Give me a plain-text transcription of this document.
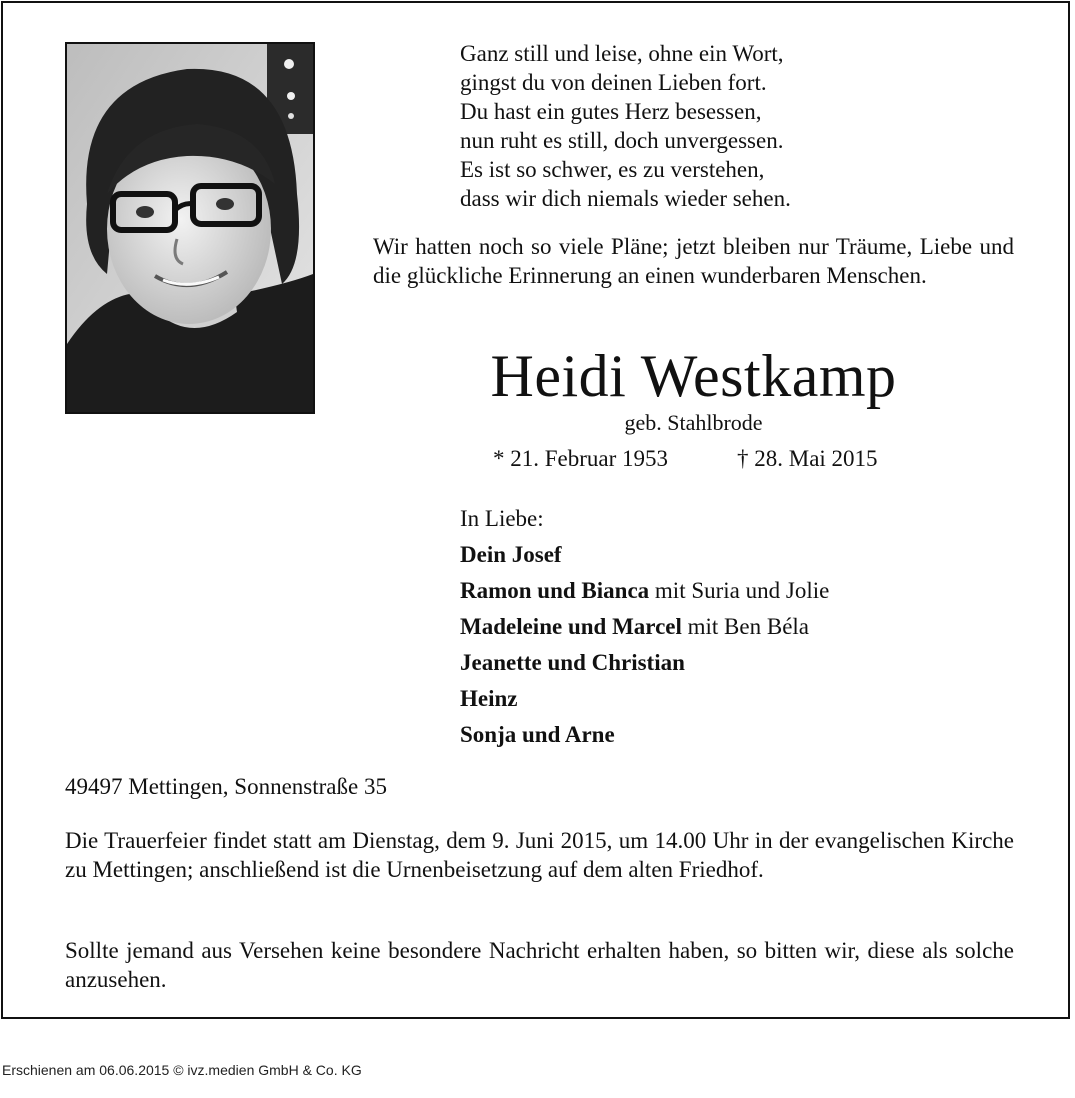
Ganz still und leise, ohne ein Wort,
gingst du von deinen Lieben fort.
Du hast ein gutes Herz besessen,
nun ruht es still, doch unvergessen.
Es ist so schwer, es zu verstehen,
dass wir dich niemals wieder sehen.
Wir hatten noch so viele Pläne; jetzt bleiben nur Träume, Liebe und die glückliche Erinnerung an einen wunderbaren Menschen.
Heidi Westkamp
geb. Stahlbrode
* 21. Februar 1953	† 28. Mai 2015
In Liebe:
Dein Josef
Ramon und Bianca mit Suria und Jolie
Madeleine und Marcel mit Ben Béla
Jeanette und Christian
Heinz
Sonja und Arne
49497 Mettingen, Sonnenstraße 35
Die Trauerfeier findet statt am Dienstag, dem 9. Juni 2015, um 14.00 Uhr in der evangelischen Kirche zu Mettingen; anschließend ist die Urnenbeisetzung auf dem alten Friedhof.
Sollte jemand aus Versehen keine besondere Nachricht erhalten haben, so bitten wir, diese als solche anzusehen.
Erschienen am 06.06.2015 © ivz.medien GmbH & Co. KG
